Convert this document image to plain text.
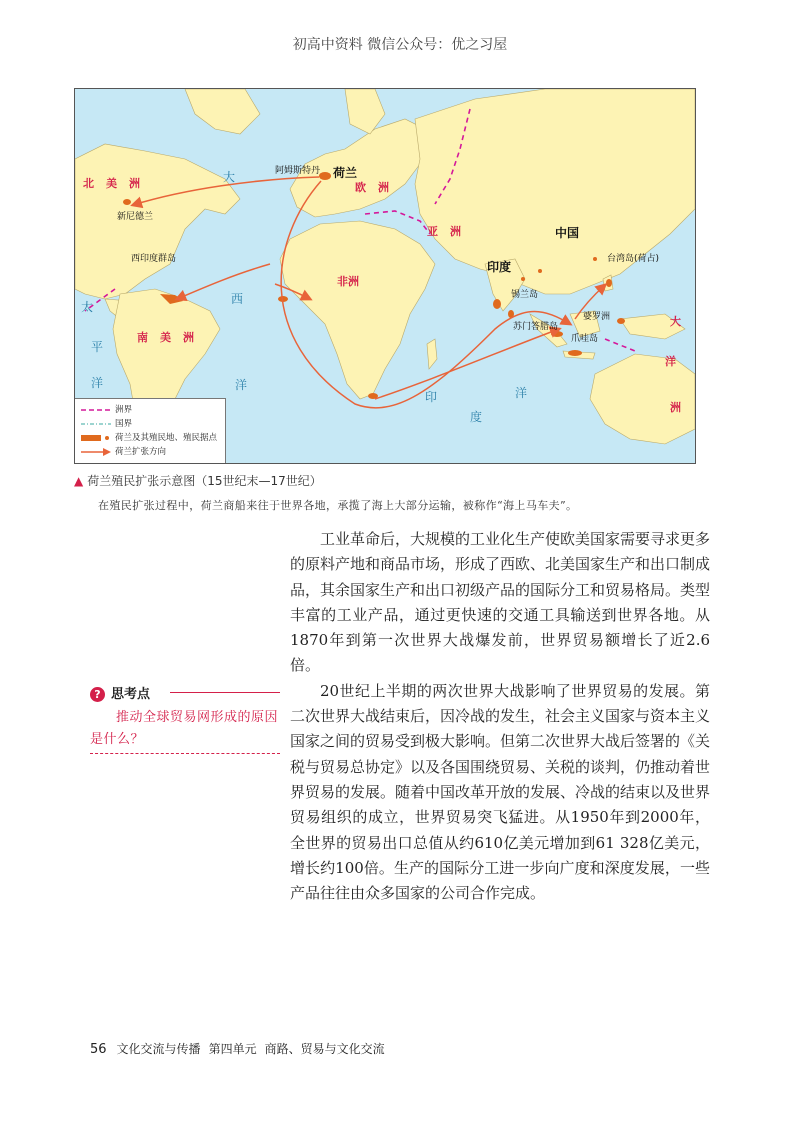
初高中资料 微信公众号：优之习屋
北美洲
南美洲
欧洲
亚洲
非洲
大
西
洋
太
平
洋
印
度
洋
阿姆斯特丹 荷兰
新尼德兰
西印度群岛
中国
印度
台湾岛(荷占)
锡兰岛
苏门答腊岛
婆罗洲
爪哇岛
大
洋
洲
洲界
国界
荷兰及其殖民地、殖民据点
荷兰扩张方向
▲ 荷兰殖民扩张示意图（15世纪末—17世纪）
在殖民扩张过程中，荷兰商船来往于世界各地，承揽了海上大部分运输，被称作“海上马车夫”。
? 思考点
推动全球贸易网形成的原因是什么？

工业革命后，大规模的工业化生产使欧美国家需要寻求更多的原料产地和商品市场，形成了西欧、北美国家生产和出口制成品，其余国家生产和出口初级产品的国际分工和贸易格局。类型丰富的工业产品，通过更快速的交通工具输送到世界各地。从1870年到第一次世界大战爆发前，世界贸易额增长了近2.6倍。

20世纪上半期的两次世界大战影响了世界贸易的发展。第二次世界大战结束后，因冷战的发生，社会主义国家与资本主义国家之间的贸易受到极大影响。但第二次世界大战后签署的《关税与贸易总协定》以及各国围绕贸易、关税的谈判，仍推动着世界贸易的发展。随着中国改革开放的发展、冷战的结束以及世界贸易组织的成立，世界贸易突飞猛进。从1950年到2000年，全世界的贸易出口总值从约610亿美元增加到61 328亿美元，增长约100倍。生产的国际分工进一步向广度和深度发展，一些产品往往由众多国家的公司合作完成。

56 文化交流与传播 第四单元 商路、贸易与文化交流
